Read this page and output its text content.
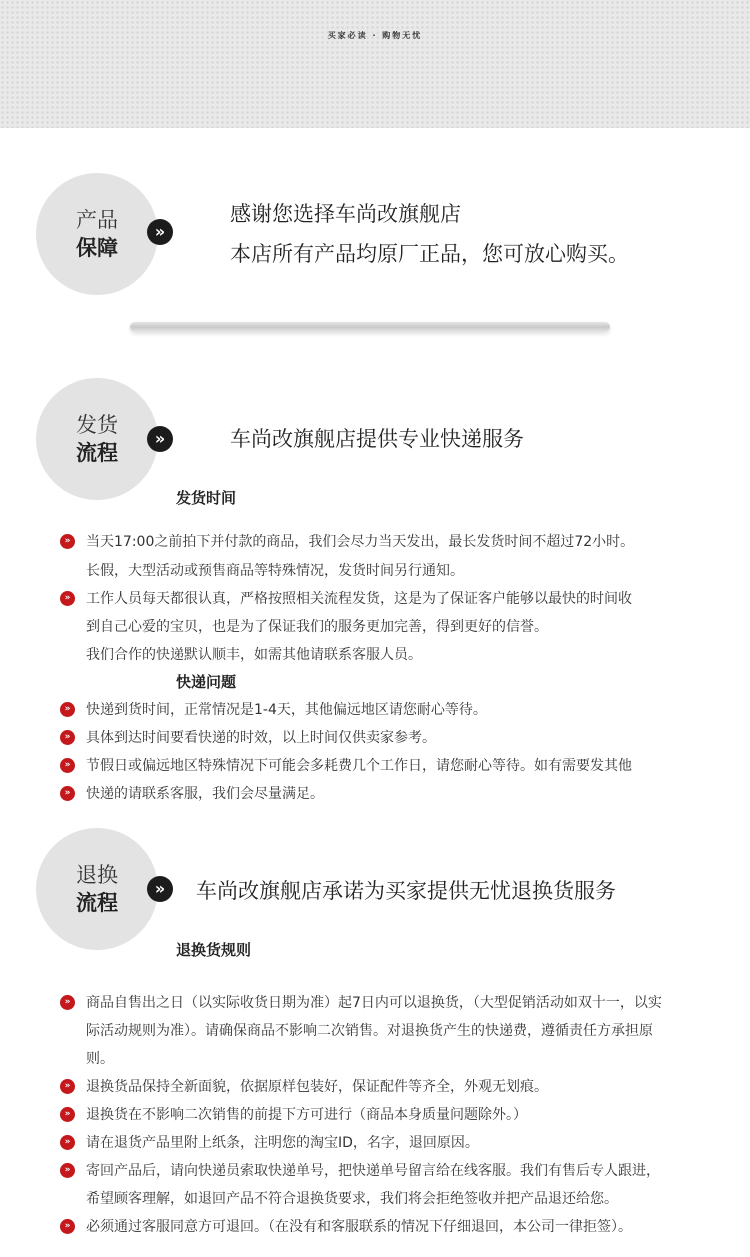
买家必读 · 购物无忧
产品
保障
»
感谢您选择车尚改旗舰店
本店所有产品均原厂正品，您可放心购买。
发货
流程
»	车尚改旗舰店提供专业快递服务
发货时间
»	当天17:00之前拍下并付款的商品，我们会尽力当天发出，最长发货时间不超过72小时。
长假，大型活动或预售商品等特殊情况，发货时间另行通知。
»	工作人员每天都很认真，严格按照相关流程发货，这是为了保证客户能够以最快的时间收
到自己心爱的宝贝，也是为了保证我们的服务更加完善，得到更好的信誉。
我们合作的快递默认顺丰，如需其他请联系客服人员。
快递问题
»	快递到货时间，正常情况是1-4天，其他偏远地区请您耐心等待。
»	具体到达时间要看快递的时效，以上时间仅供卖家参考。
»	节假日或偏远地区特殊情况下可能会多耗费几个工作日，请您耐心等待。如有需要发其他
»	快递的请联系客服，我们会尽量满足。
退换
流程
»	车尚改旗舰店承诺为买家提供无忧退换货服务
退换货规则
»	商品自售出之日（以实际收货日期为准）起7日内可以退换货，（大型促销活动如双十一，以实
际活动规则为准）。请确保商品不影响二次销售。对退换货产生的快递费，遵循责任方承担原
则。
»	退换货品保持全新面貌，依据原样包装好，保证配件等齐全，外观无划痕。
»	退换货在不影响二次销售的前提下方可进行（商品本身质量问题除外。）
»	请在退货产品里附上纸条，注明您的淘宝ID，名字，退回原因。
»	寄回产品后，请向快递员索取快递单号，把快递单号留言给在线客服。我们有售后专人跟进，
希望顾客理解，如退回产品不符合退换货要求，我们将会拒绝签收并把产品退还给您。
»	必须通过客服同意方可退回。（在没有和客服联系的情况下仔细退回，本公司一律拒签）。
